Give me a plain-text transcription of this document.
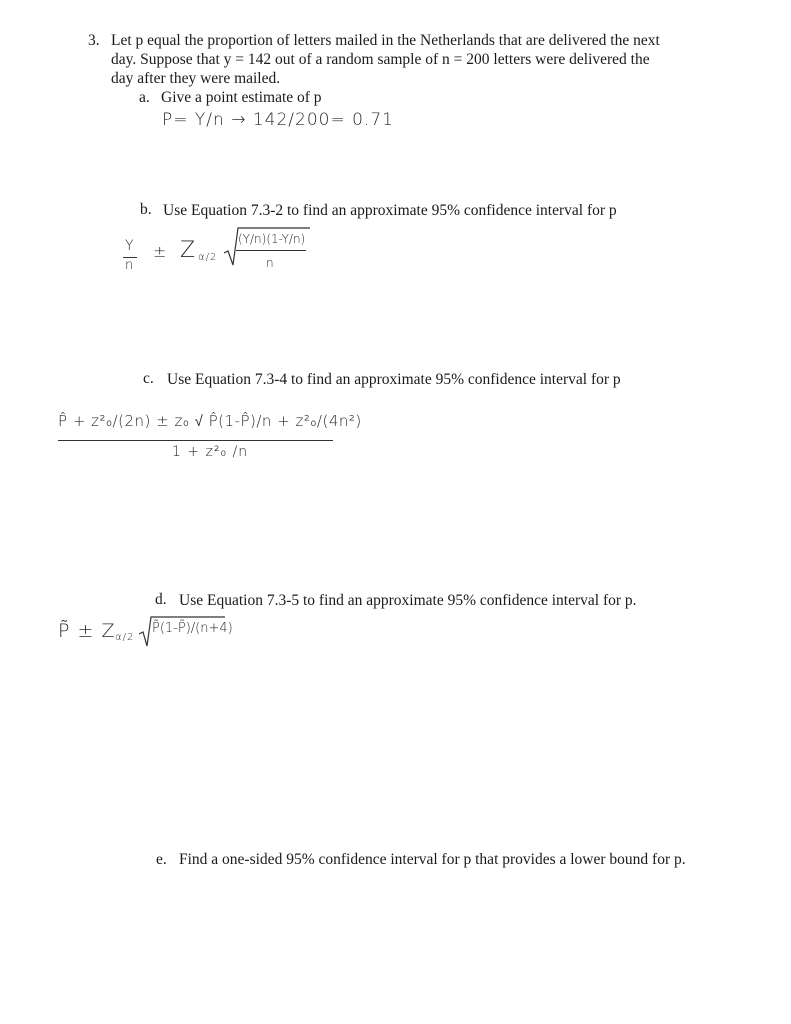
3. Let p equal the proportion of letters mailed in the Netherlands that are delivered the next
day. Suppose that y = 142 out of a random sample of n = 200 letters were delivered the
day after they were mailed.
a. Give a point estimate of p
P= Y/n → 142/200= 0.71
b. Use Equation 7.3-2 to find an approximate 95% confidence interval for p
Y
n
± Z α/2
(Y/n)(1-Y/n)
n
c. Use Equation 7.3-4 to find an approximate 95% confidence interval for p
P̂ + z²₀/(2n) ± z₀ √ P̂(1-P̂)/n + z²₀/(4n²)
1 + z²₀ /n
d. Use Equation 7.3-5 to find an approximate 95% confidence interval for p.
P̃ ± Z α/2
P̃(1-P̃)/(n+4)
e. Find a one-sided 95% confidence interval for p that provides a lower bound for p.
